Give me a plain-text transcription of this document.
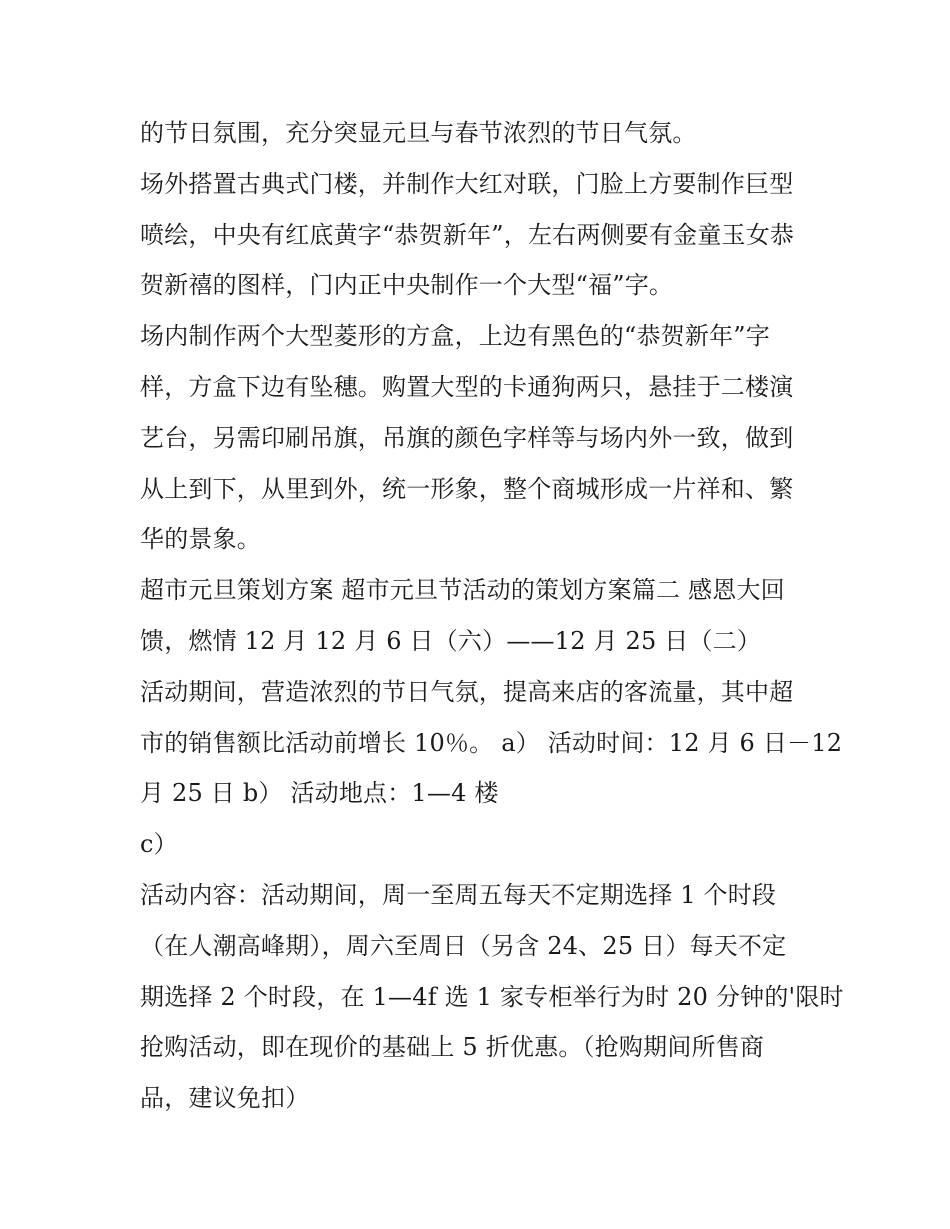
的节日氛围，充分突显元旦与春节浓烈的节日气氛。
场外搭置古典式门楼，并制作大红对联，门脸上方要制作巨型
喷绘，中央有红底黄字“恭贺新年”，左右两侧要有金童玉女恭
贺新禧的图样，门内正中央制作一个大型“福”字。
场内制作两个大型菱形的方盒，上边有黑色的“恭贺新年”字
样，方盒下边有坠穗。购置大型的卡通狗两只，悬挂于二楼演
艺台，另需印刷吊旗，吊旗的颜色字样等与场内外一致，做到
从上到下，从里到外，统一形象，整个商城形成一片祥和、繁
华的景象。
超市元旦策划方案 超市元旦节活动的策划方案篇二 感恩大回
馈，燃情 12 月 12 月 6 日（六）——12 月 25 日（二）
活动期间，营造浓烈的节日气氛，提高来店的客流量，其中超
市的销售额比活动前增长 10％。 a） 活动时间：12 月 6 日－12
月 25 日 b） 活动地点：1—4 楼
c）
活动内容：活动期间，周一至周五每天不定期选择 1 个时段
（在人潮高峰期），周六至周日（另含 24、25 日）每天不定
期选择 2 个时段，在 1—4f 选 1 家专柜举行为时 20 分钟的'限时
抢购活动，即在现价的基础上 5 折优惠。（抢购期间所售商
品，建议免扣）
